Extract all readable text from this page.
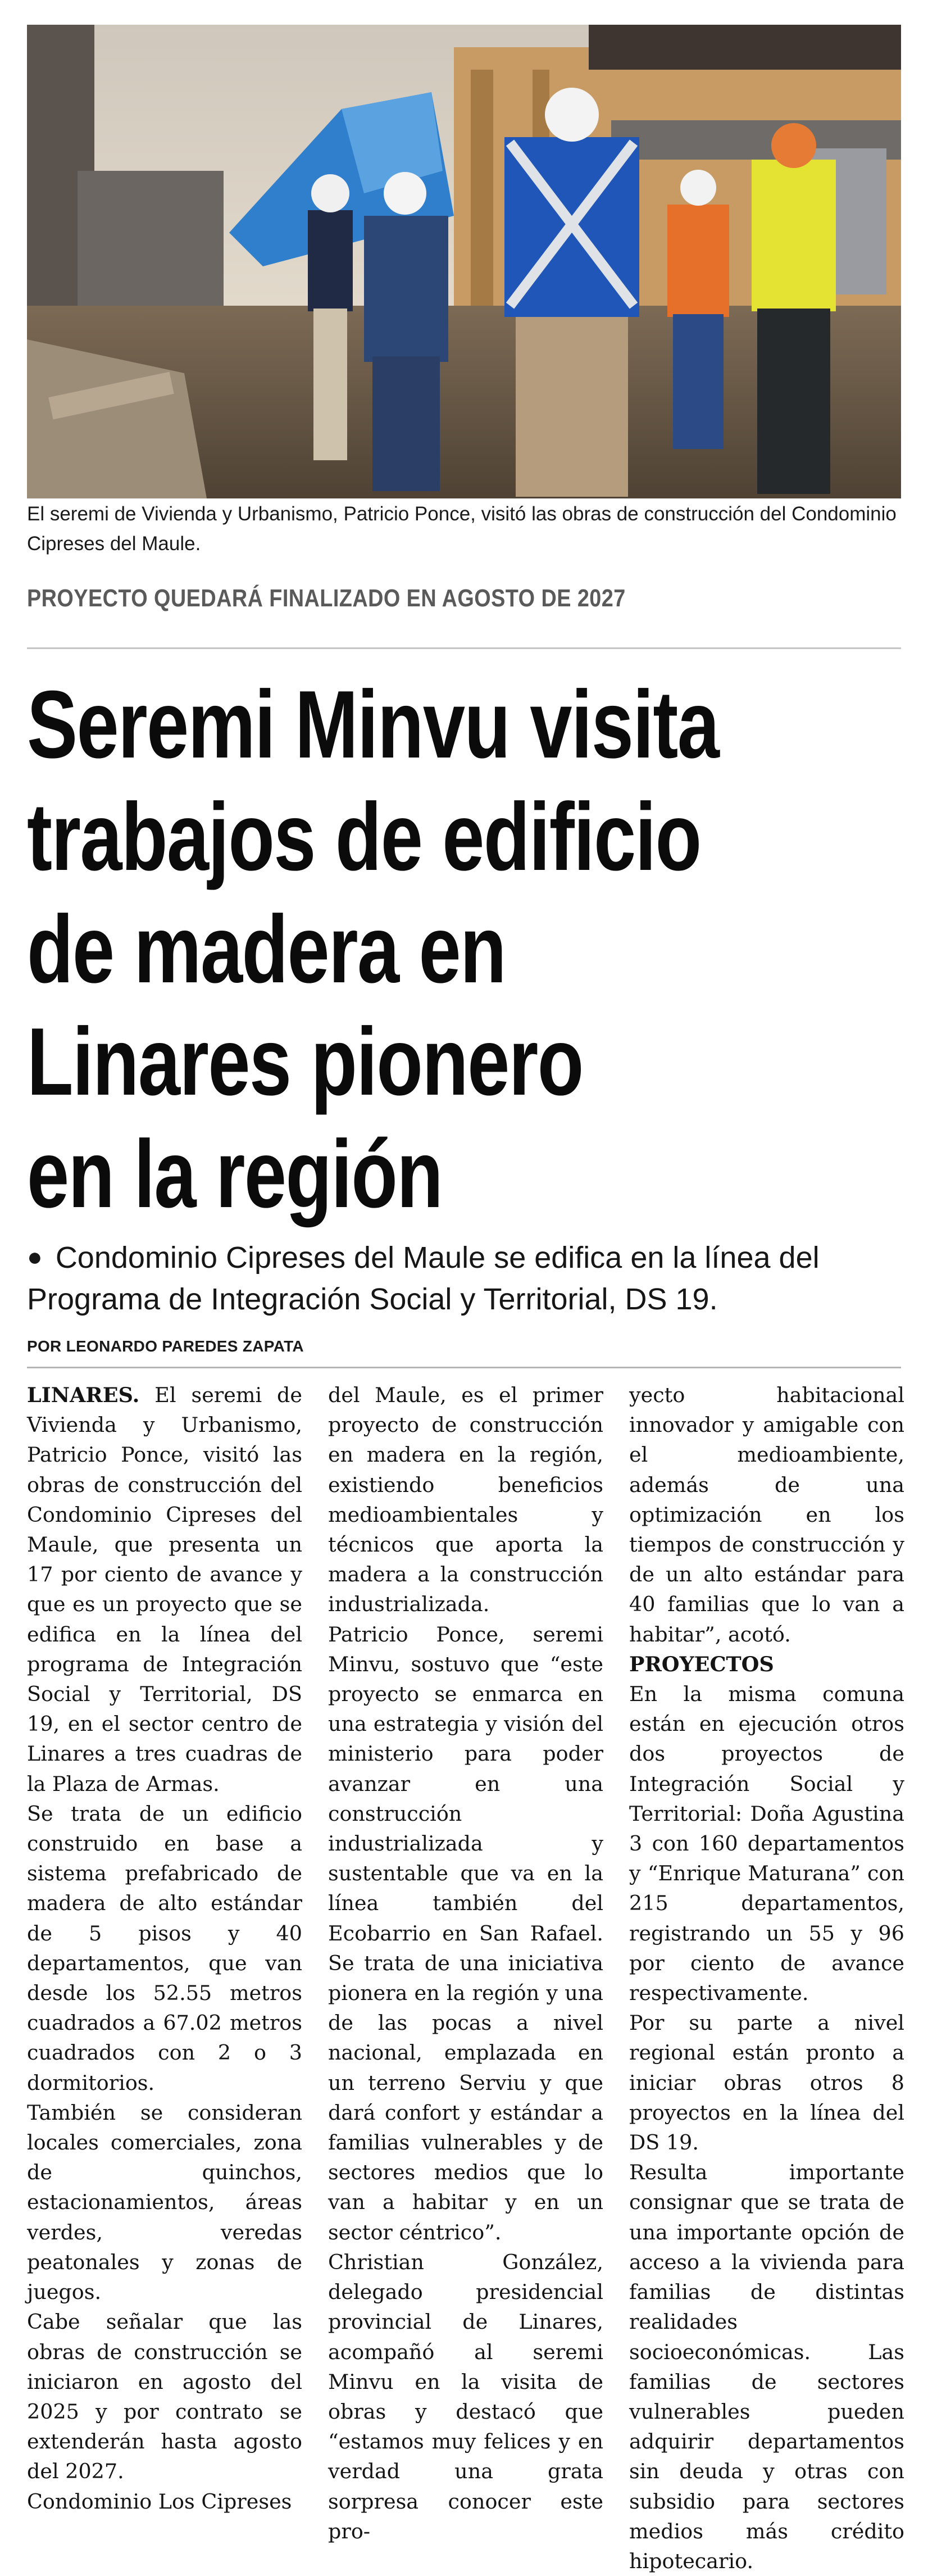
El seremi de Vivienda y Urbanismo, Patricio Ponce, visitó las obras de construcción del Condominio Cipreses del Maule.
PROYECTO QUEDARÁ FINALIZADO EN AGOSTO DE 2027
Seremi Minvu visita
trabajos de edificio
de madera en
Linares pionero
en la región
● Condominio Cipreses del Maule se edifica en la línea del
Programa de Integración Social y Territorial, DS 19.
POR LEONARDO PAREDES ZAPATA

LINARES. El seremi de Vivienda y Urbanismo, Patricio Ponce, visitó las obras de construcción del Condominio Cipreses del Maule, que presenta un 17 por ciento de avance y que es un proyecto que se edifica en la línea del programa de Integración Social y Territorial, DS 19, en el sector centro de Linares a tres cuadras de la Plaza de Armas.

Se trata de un edificio construido en base a sistema prefabricado de madera de alto estándar de 5 pisos y 40 departamentos, que van desde los 52.55 metros cuadrados a 67.02 metros cuadrados con 2 o 3 dormitorios.

También se consideran locales comerciales, zona de quinchos, estacionamientos, áreas verdes, veredas peatonales y zonas de juegos.

Cabe señalar que las obras de construcción se iniciaron en agosto del 2025 y por contrato se extenderán hasta agosto del 2027.

Condominio Los Cipreses

del Maule, es el primer proyecto de construcción en madera en la región, existiendo beneficios medioambientales y técnicos que aporta la madera a la construcción industrializada.

Patricio Ponce, seremi Minvu, sostuvo que “este proyecto se enmarca en una estrategia y visión del ministerio para poder avanzar en una construcción industrializada y sustentable que va en la línea también del Ecobarrio en San Rafael. Se trata de una iniciativa pionera en la región y una de las pocas a nivel nacional, emplazada en un terreno Serviu y que dará confort y estándar a familias vulnerables y de sectores medios que lo van a habitar y en un sector céntrico”.

Christian González, delegado presidencial provincial de Linares, acompañó al seremi Minvu en la visita de obras y destacó que “estamos muy felices y en verdad una grata sorpresa conocer este pro-

yecto habitacional innovador y amigable con el medioambiente, además de una optimización en los tiempos de construcción y de un alto estándar para 40 familias que lo van a habitar”, acotó.

PROYECTOS

En la misma comuna están en ejecución otros dos proyectos de Integración Social y Territorial: Doña Agustina 3 con 160 departamentos y “Enrique Maturana” con 215 departamentos, registrando un 55 y 96 por ciento de avance respectivamente.

Por su parte a nivel regional están pronto a iniciar obras otros 8 proyectos en la línea del DS 19.

Resulta importante consignar que se trata de una importante opción de acceso a la vivienda para familias de distintas realidades socioeconómicas. Las familias de sectores vulnerables pueden adquirir departamentos sin deuda y otras con subsidio para sectores medios más crédito hipotecario.
